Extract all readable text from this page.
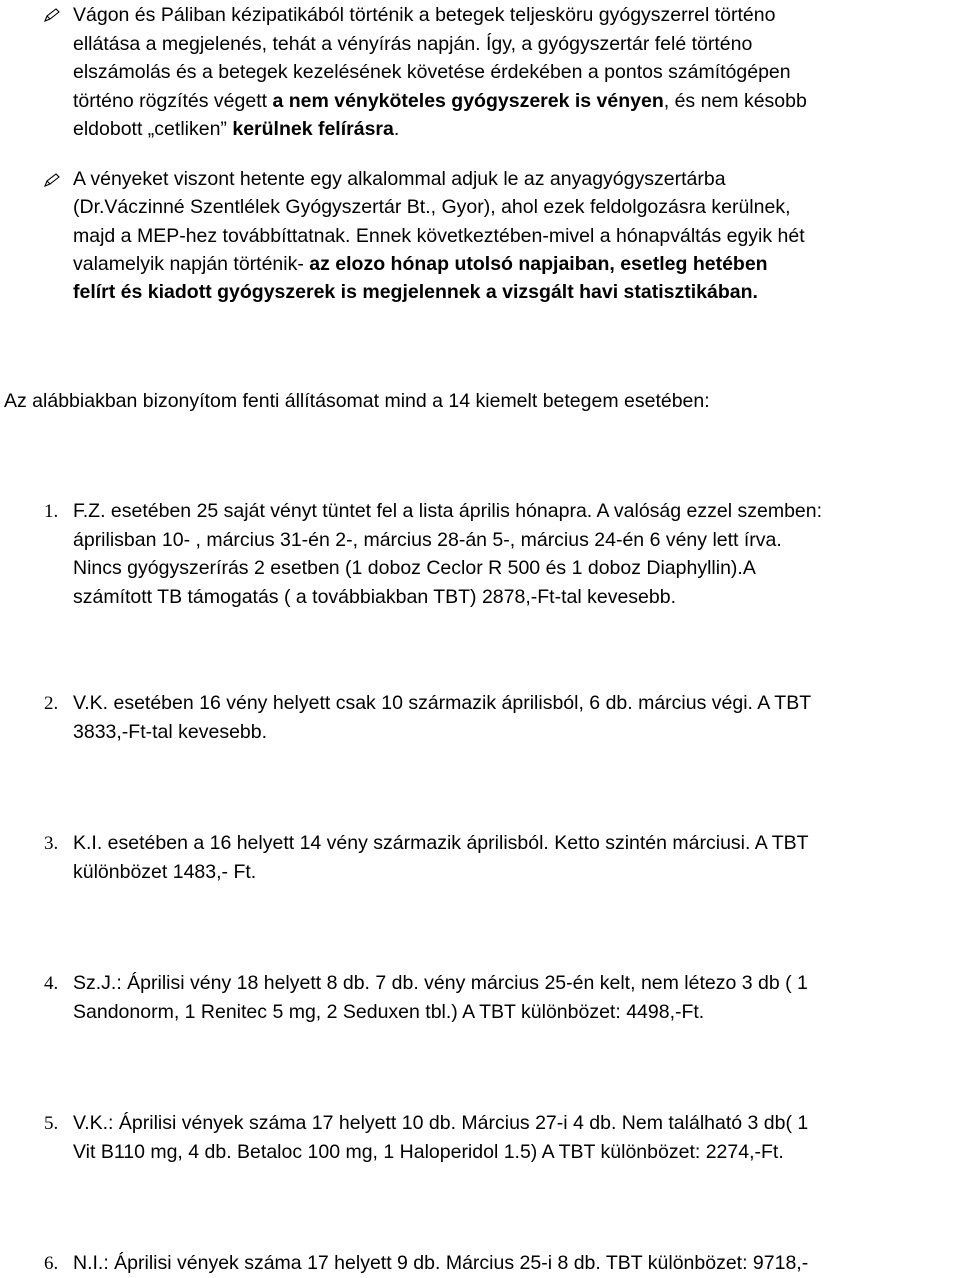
Vágon és Páliban kézipatikából történik a betegek teljesköru gyógyszerrel történo
ellátása a megjelenés, tehát a vényírás napján. Így, a gyógyszertár felé történo
elszámolás és a betegek kezelésének követése érdekében a pontos számítógépen
történo rögzítés végett a nem vényköteles gyógyszerek is vényen, és nem késobb
eldobott „cetliken” kerülnek felírásra.
A vényeket viszont hetente egy alkalommal adjuk le az anyagyógyszertárba
(Dr.Váczinné Szentlélek Gyógyszertár Bt., Gyor), ahol ezek feldolgozásra kerülnek,
majd a MEP-hez továbbíttatnak. Ennek következtében-mivel a hónapváltás egyik hét
valamelyik napján történik- az elozo hónap utolsó napjaiban, esetleg hetében
felírt és kiadott gyógyszerek is megjelennek a vizsgált havi statisztikában.
Az alábbiakban bizonyítom fenti állításomat mind a 14 kiemelt betegem esetében:
1. F.Z. esetében 25 saját vényt tüntet fel a lista április hónapra. A valóság ezzel szemben:
áprilisban 10- , március 31-én 2-, március 28-án 5-, március 24-én 6 vény lett írva.
Nincs gyógyszerírás 2 esetben (1 doboz Ceclor R 500 és 1 doboz Diaphyllin).A
számított TB támogatás ( a továbbiakban TBT) 2878,-Ft-tal kevesebb.
2. V.K. esetében 16 vény helyett csak 10 származik áprilisból, 6 db. március végi. A TBT
3833,-Ft-tal kevesebb.
3. K.I. esetében a 16 helyett 14 vény származik áprilisból. Ketto szintén márciusi. A TBT
különbözet 1483,- Ft.
4. Sz.J.: Áprilisi vény 18 helyett 8 db. 7 db. vény március 25-én kelt, nem létezo 3 db ( 1
Sandonorm, 1 Renitec 5 mg, 2 Seduxen tbl.) A TBT különbözet: 4498,-Ft.
5. V.K.: Áprilisi vények száma 17 helyett 10 db. Március 27-i 4 db. Nem található 3 db( 1
Vit B110 mg, 4 db. Betaloc 100 mg, 1 Haloperidol 1.5) A TBT különbözet: 2274,-Ft.
6. N.I.: Áprilisi vények száma 17 helyett 9 db. Március 25-i 8 db. TBT különbözet: 9718,-
